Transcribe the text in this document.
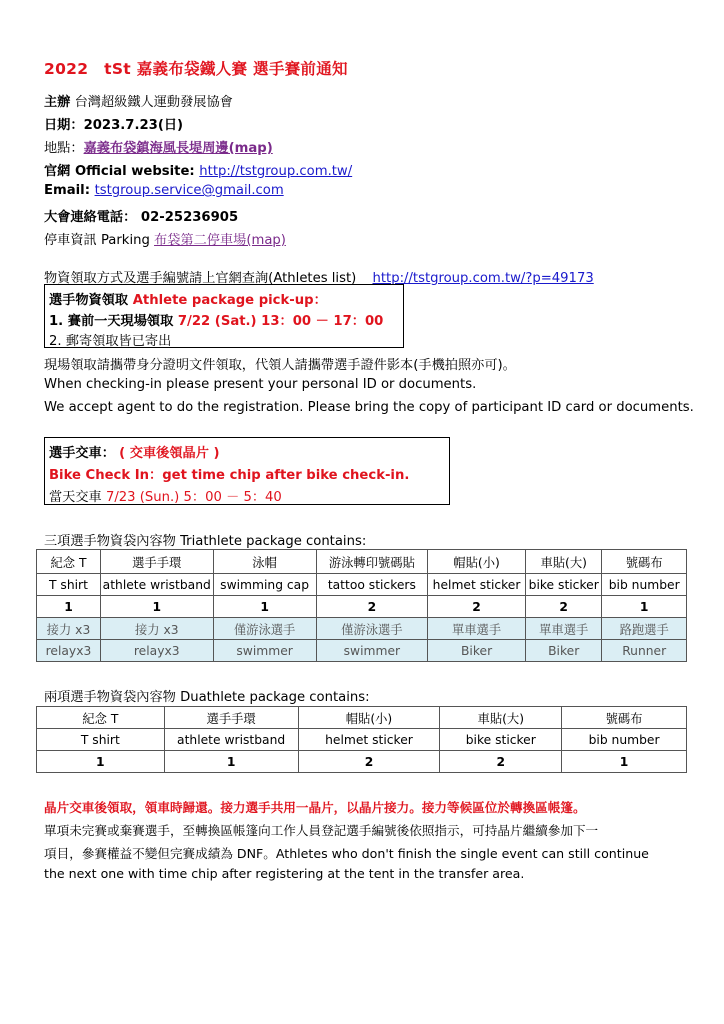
2022　tSt 嘉義布袋鐵人賽 選手賽前通知
主辦 台灣超級鐵人運動發展協會
日期：2023.7.23(日)
地點：嘉義布袋鎮海風長堤周邊(map)
官網 Official website: http://tstgroup.com.tw/
Email: tstgroup.service@gmail.com
大會連絡電話： 02-25236905
停車資訊 Parking 布袋第二停車場(map)
物資領取方式及選手編號請上官網查詢(Athletes list) http://tstgroup.com.tw/?p=49173
選手物資領取 Athlete package pick-up：
1. 賽前一天現場領取 7/22 (Sat.) 13：00 － 17：00
2. 郵寄領取皆已寄出
現場領取請攜帶身分證明文件領取，代領人請攜帶選手證件影本(手機拍照亦可)。
When checking-in please present your personal ID or documents.
We accept agent to do the registration. Please bring the copy of participant ID card or documents.
選手交車： ( 交車後領晶片 )
Bike Check In：get time chip after bike check-in.
當天交車 7/23 (Sun.) 5：00 － 5：40
三項選手物資袋內容物 Triathlete package contains:
紀念 T	選手手環	泳帽	游泳轉印號碼貼	帽貼(小)	車貼(大)	號碼布
T shirt	athlete wristband	swimming cap	tattoo stickers	helmet sticker	bike sticker	bib number
1	1	1	2	2	2	1
接力 x3	接力 x3	僅游泳選手	僅游泳選手	單車選手	單車選手	路跑選手
relayx3	relayx3	swimmer	swimmer	Biker	Biker	Runner
兩項選手物資袋內容物 Duathlete package contains:
紀念 T	選手手環	帽貼(小)	車貼(大)	號碼布
T shirt	athlete wristband	helmet sticker	bike sticker	bib number
1	1	2	2	1
晶片交車後領取，領車時歸還。接力選手共用一晶片，以晶片接力。接力等候區位於轉換區帳篷。
單項未完賽或棄賽選手，至轉換區帳篷向工作人員登記選手編號後依照指示，可持晶片繼續參加下一
項目，參賽權益不變但完賽成績為 DNF。Athletes who don't finish the single event can still continue
the next one with time chip after registering at the tent in the transfer area.
